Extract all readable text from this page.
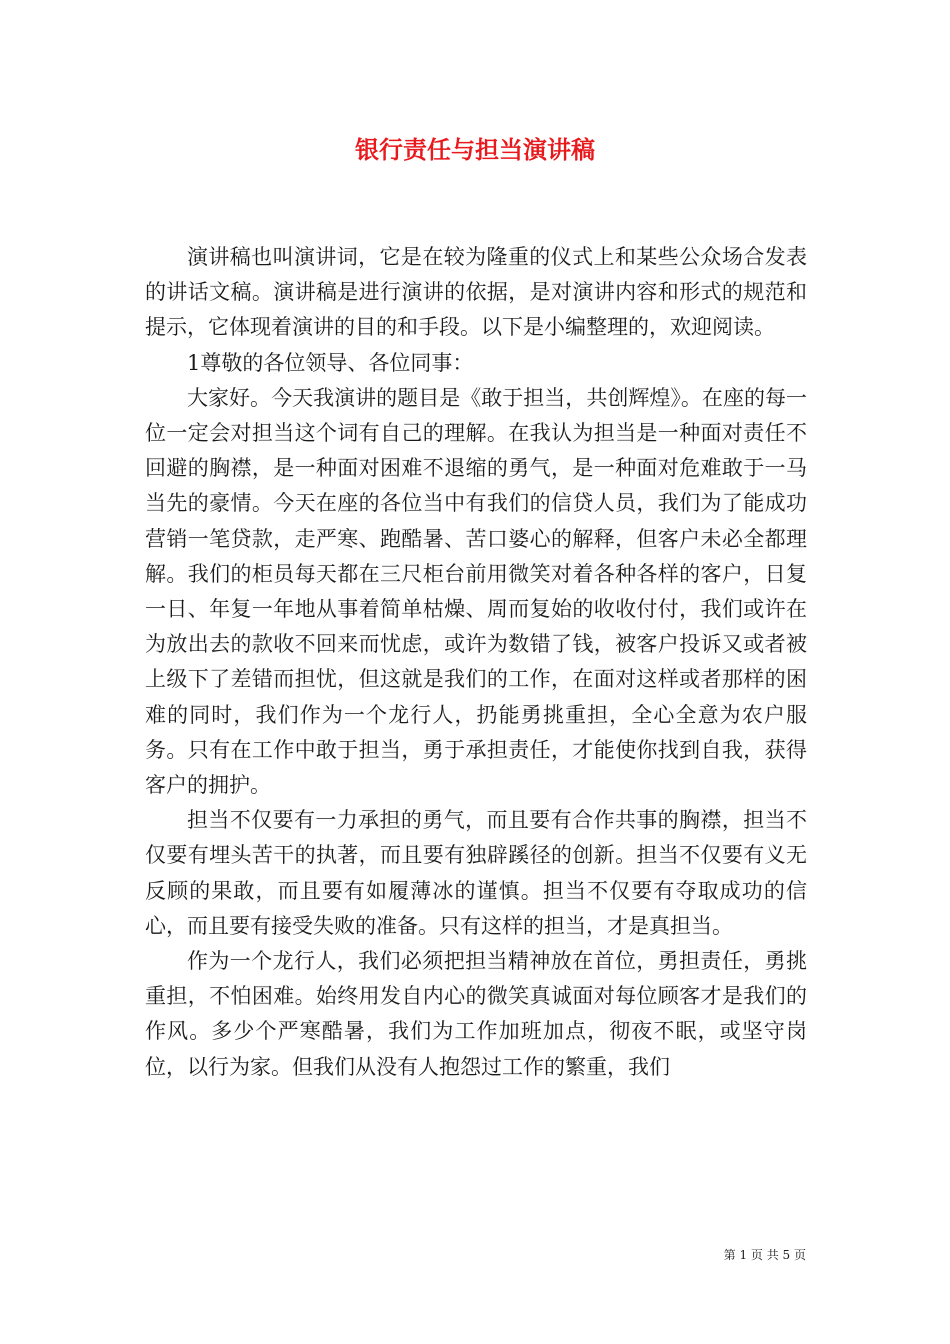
银行责任与担当演讲稿

演讲稿也叫演讲词，它是在较为隆重的仪式上和某些公众场合发表的讲话文稿。演讲稿是进行演讲的依据，是对演讲内容和形式的规范和提示，它体现着演讲的目的和手段。以下是小编整理的，欢迎阅读。

1尊敬的各位领导、各位同事：

大家好。今天我演讲的题目是《敢于担当，共创辉煌》。在座的每一位一定会对担当这个词有自己的理解。在我认为担当是一种面对责任不回避的胸襟，是一种面对困难不退缩的勇气，是一种面对危难敢于一马当先的豪情。今天在座的各位当中有我们的信贷人员，我们为了能成功营销一笔贷款，走严寒、跑酷暑、苦口婆心的解释，但客户未必全都理解。我们的柜员每天都在三尺柜台前用微笑对着各种各样的客户，日复一日、年复一年地从事着简单枯燥、周而复始的收收付付，我们或许在为放出去的款收不回来而忧虑，或许为数错了钱，被客户投诉又或者被上级下了差错而担忧，但这就是我们的工作，在面对这样或者那样的困难的同时，我们作为一个龙行人，扔能勇挑重担，全心全意为农户服务。只有在工作中敢于担当，勇于承担责任，才能使你找到自我，获得客户的拥护。

担当不仅要有一力承担的勇气，而且要有合作共事的胸襟，担当不仅要有埋头苦干的执著，而且要有独辟蹊径的创新。担当不仅要有义无反顾的果敢，而且要有如履薄冰的谨慎。担当不仅要有夺取成功的信心，而且要有接受失败的准备。只有这样的担当，才是真担当。

作为一个龙行人，我们必须把担当精神放在首位，勇担责任，勇挑重担，不怕困难。始终用发自内心的微笑真诚面对每位顾客才是我们的作风。多少个严寒酷暑，我们为工作加班加点，彻夜不眠，或坚守岗位，以行为家。但我们从没有人抱怨过工作的繁重，我们

第 1 页 共 5 页
